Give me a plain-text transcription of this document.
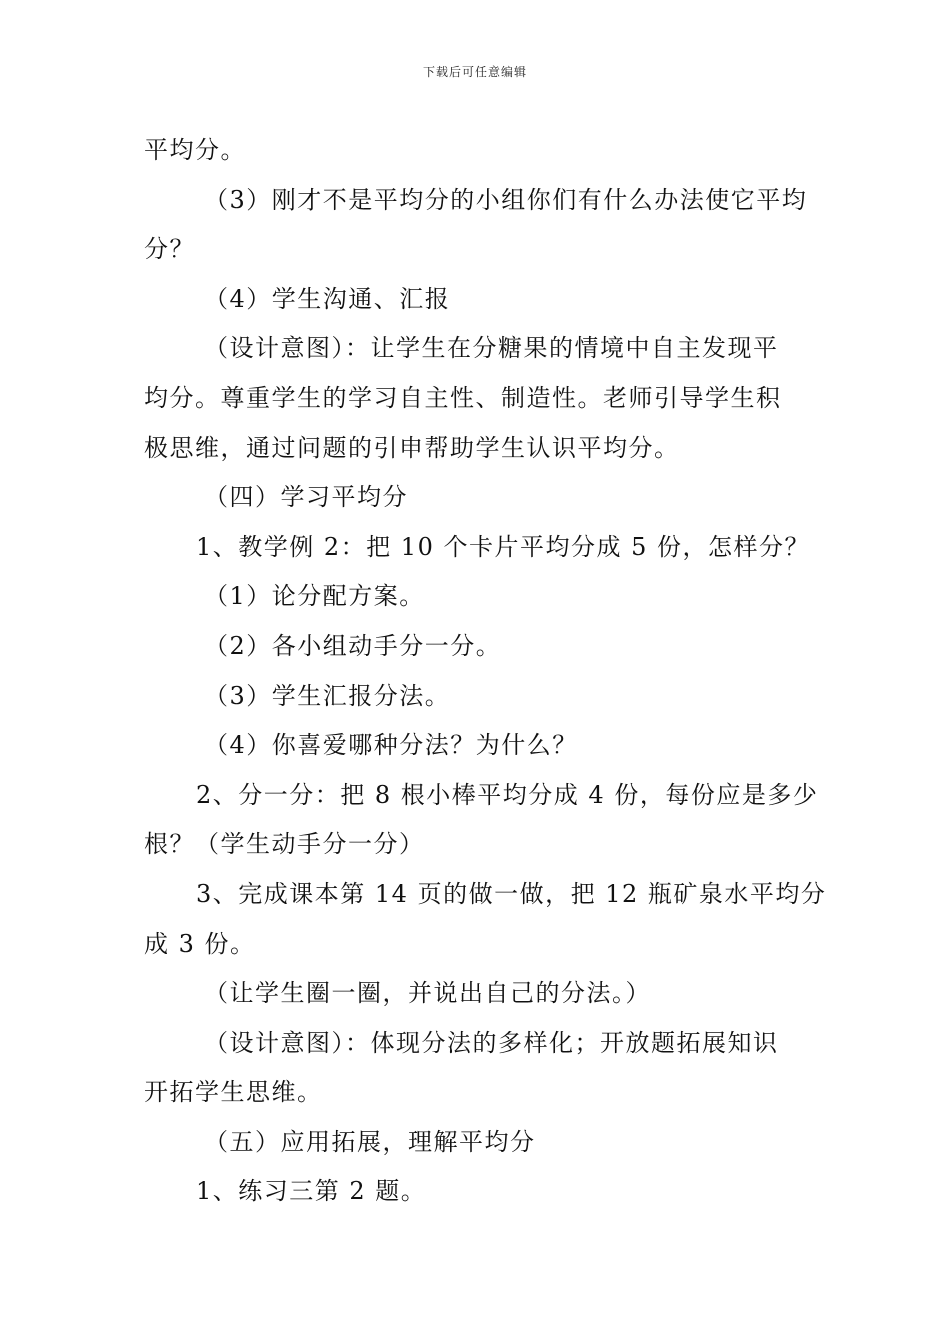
下载后可任意编辑
平均分。
（3）刚才不是平均分的小组你们有什么办法使它平均
分？
（4）学生沟通、汇报
（设计意图）：让学生在分糖果的情境中自主发现平
均分。尊重学生的学习自主性、制造性。老师引导学生积
极思维，通过问题的引申帮助学生认识平均分。
（四）学习平均分
1、教学例 2：把 10 个卡片平均分成 5 份，怎样分？
（1）论分配方案。
（2）各小组动手分一分。
（3）学生汇报分法。
（4）你喜爱哪种分法？为什么？
2、分一分：把 8 根小棒平均分成 4 份，每份应是多少
根？（学生动手分一分）
3、完成课本第 14 页的做一做，把 12 瓶矿泉水平均分
成 3 份。
（让学生圈一圈，并说出自己的分法。）
（设计意图）：体现分法的多样化；开放题拓展知识
开拓学生思维。
（五）应用拓展，理解平均分
1、练习三第 2 题。
